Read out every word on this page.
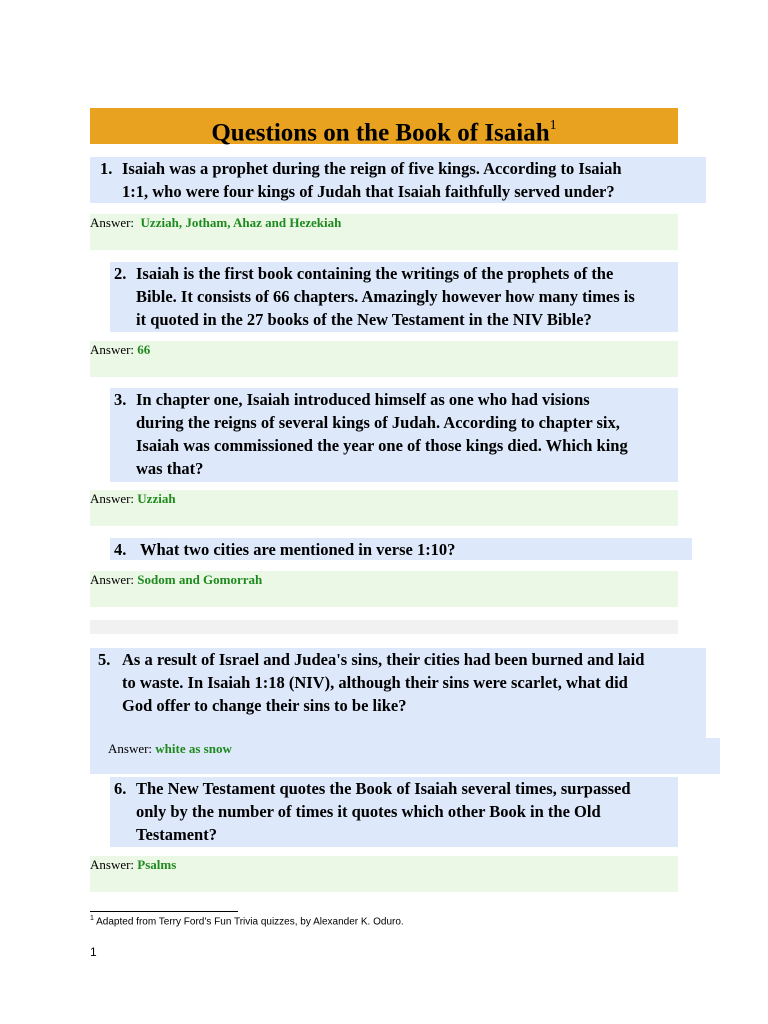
Questions on the Book of Isaiah$^1$
1. Isaiah was a prophet during the reign of five kings. According to Isaiah
1:1, who were four kings of Judah that Isaiah faithfully served under?
Answer: Uzziah, Jotham, Ahaz and Hezekiah
2. Isaiah is the first book containing the writings of the prophets of the
Bible. It consists of 66 chapters. Amazingly however how many times is
it quoted in the 27 books of the New Testament in the NIV Bible?
Answer: 66
3. In chapter one, Isaiah introduced himself as one who had visions
during the reigns of several kings of Judah. According to chapter six,
Isaiah was commissioned the year one of those kings died. Which king
was that?
Answer: Uzziah
4. What two cities are mentioned in verse 1:10?
Answer: Sodom and Gomorrah
5. As a result of Israel and Judea's sins, their cities had been burned and laid
to waste. In Isaiah 1:18 (NIV), although their sins were scarlet, what did
God offer to change their sins to be like?
Answer: white as snow
6. The New Testament quotes the Book of Isaiah several times, surpassed
only by the number of times it quotes which other Book in the Old
Testament?
Answer: Psalms
$^1$ Adapted from Terry Ford’s Fun Trivia quizzes, by Alexander K. Oduro.
1
